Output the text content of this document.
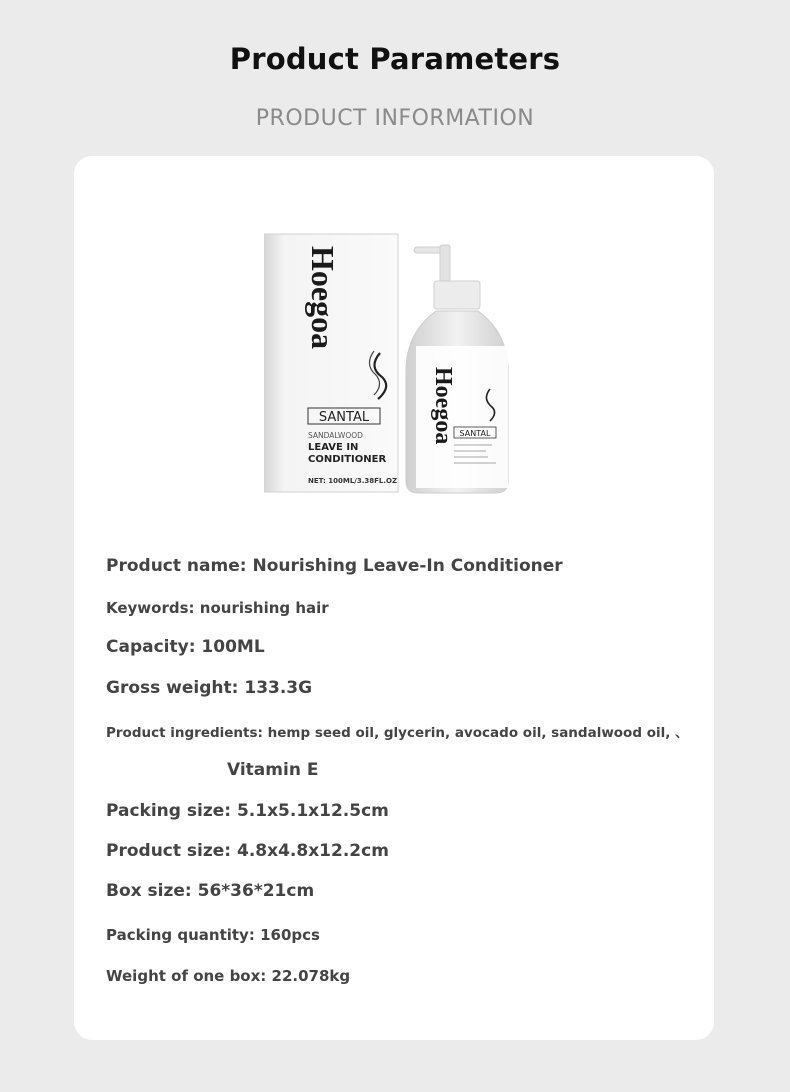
Product Parameters
PRODUCT INFORMATION
Hoegoa
SANTAL
SANDALWOOD
LEAVE IN
CONDITIONER
NET: 100ML/3.38FL.OZ
Hoegoa SANTAL
Product name: Nourishing Leave-In Conditioner
Keywords: nourishing hair
Capacity: 100ML
Gross weight: 133.3G
Product ingredients: hemp seed oil, glycerin, avocado oil, sandalwood oil, 、
Vitamin E
Packing size: 5.1x5.1x12.5cm
Product size: 4.8x4.8x12.2cm
Box size: 56*36*21cm
Packing quantity: 160pcs
Weight of one box: 22.078kg
